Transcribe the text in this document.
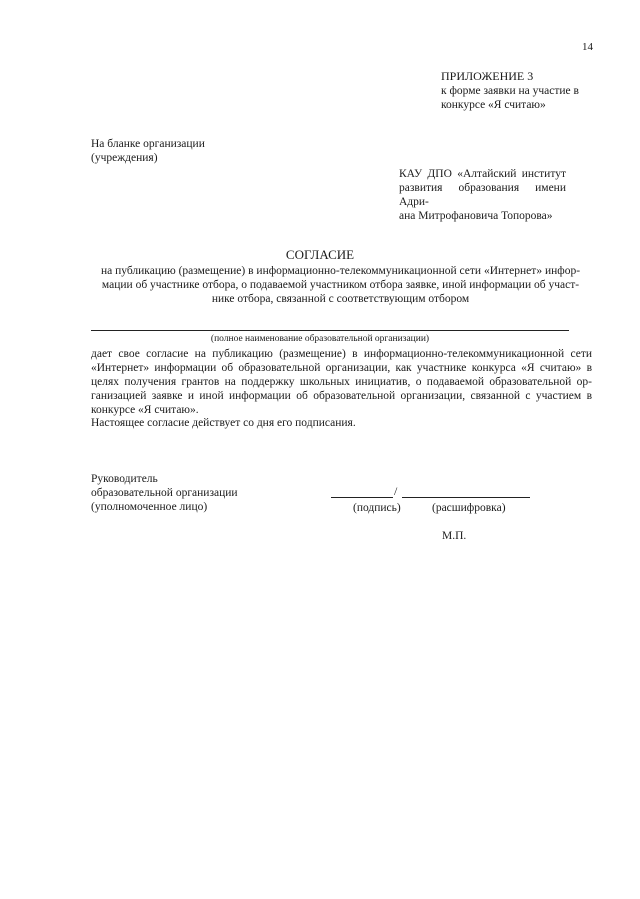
14
ПРИЛОЖЕНИЕ 3
к форме заявки на участие в
конкурсе «Я считаю»
На бланке организации
(учреждения)
КАУ ДПО «Алтайский институт
развития образования имени Адри-
ана Митрофановича Топорова»
СОГЛАСИЕ
на публикацию (размещение) в информационно-телекоммуникационной сети «Интернет» инфор-
мации об участнике отбора, о подаваемой участником отбора заявке, иной информации об участ-
нике отбора, связанной с соответствующим отбором
(полное наименование образовательной организации)
дает свое согласие на публикацию (размещение) в информационно-телекоммуникационной сети
«Интернет» информации об образовательной организации, как участнике конкурса «Я считаю» в
целях получения грантов на поддержку школьных инициатив, о подаваемой образовательной ор-
ганизацией заявке и иной информации об образовательной организации, связанной с участием в
конкурсе «Я считаю».
Настоящее согласие действует со дня его подписания.
Руководитель
образовательной организации
(уполномоченное лицо)
/
(подпись)	(расшифровка)
М.П.
